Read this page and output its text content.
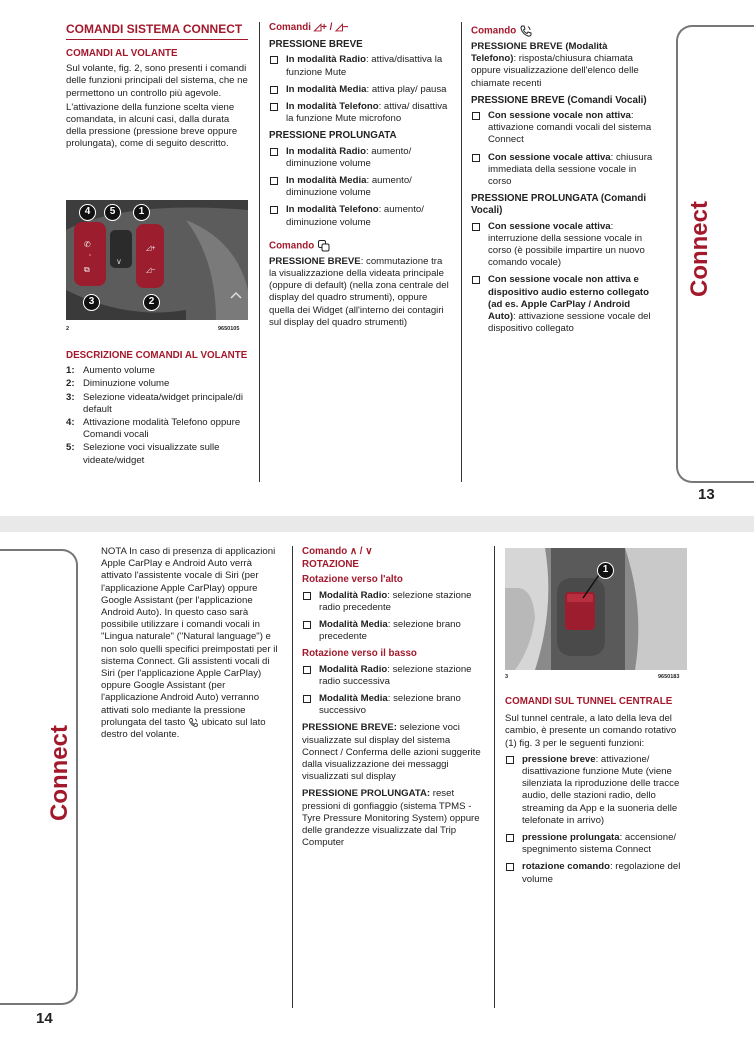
COMANDI SISTEMA CONNECT
COMANDI AL VOLANTE

Sul volante, fig. 2, sono presenti i comandi delle funzioni principali del sistema, che ne permettono un controllo più agevole.

L'attivazione della funzione scelta viene comandata, in alcuni casi, dalla durata della pressione (pressione breve oppure prolungata), come di seguito descritto.

◿+
◿−
✆
⧉
∨
4	5	1
3	2
2	9650105
DESCRIZIONE COMANDI AL VOLANTE
1: Aumento volume
2: Diminuzione volume
3: Selezione videata/widget principale/di default
4: Attivazione modalità Telefono oppure Comandi vocali
5: Selezione voci visualizzate sulle videate/widget
Comandi ◿+ / ◿−
PRESSIONE BREVE
In modalità Radio: attiva/disattiva la funzione Mute
In modalità Media: attiva play/ pausa
In modalità Telefono: attiva/ disattiva la funzione Mute microfono
PRESSIONE PROLUNGATA
In modalità Radio: aumento/ diminuzione volume
In modalità Media: aumento/ diminuzione volume
In modalità Telefono: aumento/ diminuzione volume
Comando

PRESSIONE BREVE: commutazione tra la visualizzazione della videata principale (oppure di default) (nella zona centrale del display del quadro strumenti), oppure quella dei Widget (all'interno dei contagiri sul display del quadro strumenti)

Comando

PRESSIONE BREVE (Modalità Telefono): risposta/chiusura chiamata oppure visualizzazione dell'elenco delle chiamate recenti

PRESSIONE BREVE (Comandi Vocali)
Con sessione vocale non attiva: attivazione comandi vocali del sistema Connect
Con sessione vocale attiva: chiusura immediata della sessione vocale in corso
PRESSIONE PROLUNGATA (Comandi Vocali)
Con sessione vocale attiva: interruzione della sessione vocale in corso (è possibile impartire un nuovo comando vocale)
Con sessione vocale non attiva e dispositivo audio esterno collegato (ad es. Apple CarPlay / Android Auto): attivazione sessione vocale del dispositivo collegato
Connect
13
Connect
14

NOTA In caso di presenza di applicazioni Apple CarPlay e Android Auto verrà attivato l'assistente vocale di Siri (per l'applicazione Apple CarPlay) oppure Google Assistant (per l'applicazione Android Auto). In questo caso sarà possibile utilizzare i comandi vocali in "Lingua naturale" ("Natural language") e non solo quelli specifici preimpostati per il sistema Connect. Gli assistenti vocali di Siri (per l'applicazione Apple CarPlay) oppure Google Assistant (per l'applicazione Android Auto) verranno attivati solo mediante la pressione prolungata del tasto  ubicato sul lato destro del volante.

Comando ∧ / ∨
ROTAZIONE
Rotazione verso l'alto
Modalità Radio: selezione stazione radio precedente
Modalità Media: selezione brano precedente
Rotazione verso il basso
Modalità Radio: selezione stazione radio successiva
Modalità Media: selezione brano successivo

PRESSIONE BREVE: selezione voci visualizzate sul display del sistema Connect / Conferma delle azioni suggerite dalla visualizzazione dei messaggi visualizzati sul display

PRESSIONE PROLUNGATA: reset pressioni di gonfiaggio (sistema TPMS - Tyre Pressure Monitoring System) oppure delle grandezze visualizzate dal Trip Computer

1
3	9650183
COMANDI SUL TUNNEL CENTRALE

Sul tunnel centrale, a lato della leva del cambio, è presente un comando rotativo (1) fig. 3 per le seguenti funzioni:

pressione breve: attivazione/ disattivazione funzione Mute (viene silenziata la riproduzione delle tracce audio, delle stazioni radio, dello streaming da App e la suoneria delle telefonate in arrivo)
pressione prolungata: accensione/ spegnimento sistema Connect
rotazione comando: regolazione del volume
